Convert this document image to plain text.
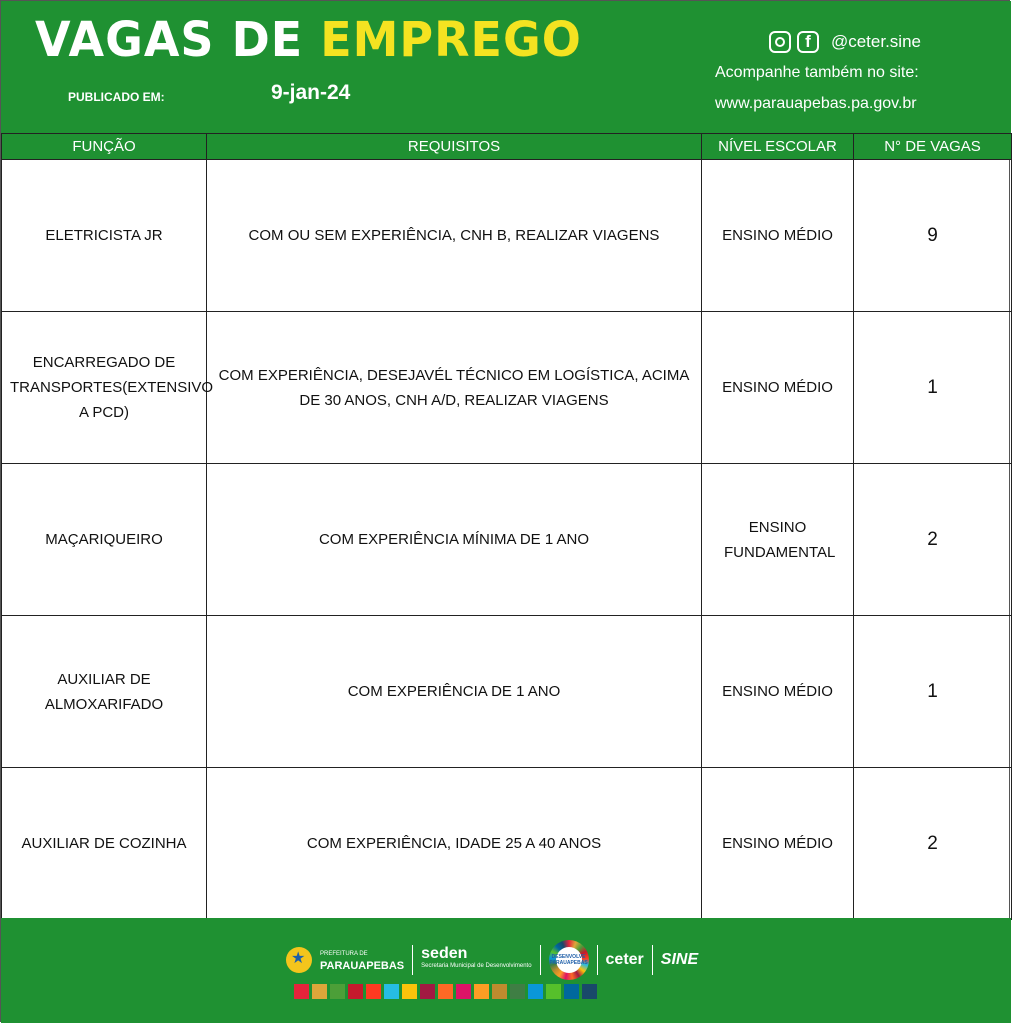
VAGAS DE EMPREGO
PUBLICADO EM:	9-jan-24
f	@ceter.sine
Acompanhe também no site:
www.parauapebas.pa.gov.br
FUNÇÃO	REQUISITOS	NÍVEL ESCOLAR	N° DE VAGAS
ELETRICISTA JR	COM OU SEM EXPERIÊNCIA, CNH B, REALIZAR VIAGENS	ENSINO MÉDIO	9
ENCARREGADO DE TRANSPORTES(EXTENSIVO A PCD)	COM EXPERIÊNCIA, DESEJAVÉL TÉCNICO EM LOGÍSTICA, ACIMA DE 30 ANOS, CNH A/D, REALIZAR VIAGENS	ENSINO MÉDIO	1
MAÇARIQUEIRO	COM EXPERIÊNCIA MÍNIMA DE 1 ANO	ENSINO FUNDAMENTAL	2
AUXILIAR DE ALMOXARIFADO	COM EXPERIÊNCIA DE 1 ANO	ENSINO MÉDIO	1
AUXILIAR DE COZINHA	COM EXPERIÊNCIA, IDADE 25 A 40 ANOS	ENSINO MÉDIO	2
★
PREFEITURA DE
PARAUAPEBAS
seden
Secretaria Municipal de Desenvolvimento
DESENVOLVE PARAUAPEBAS ceter SINE
